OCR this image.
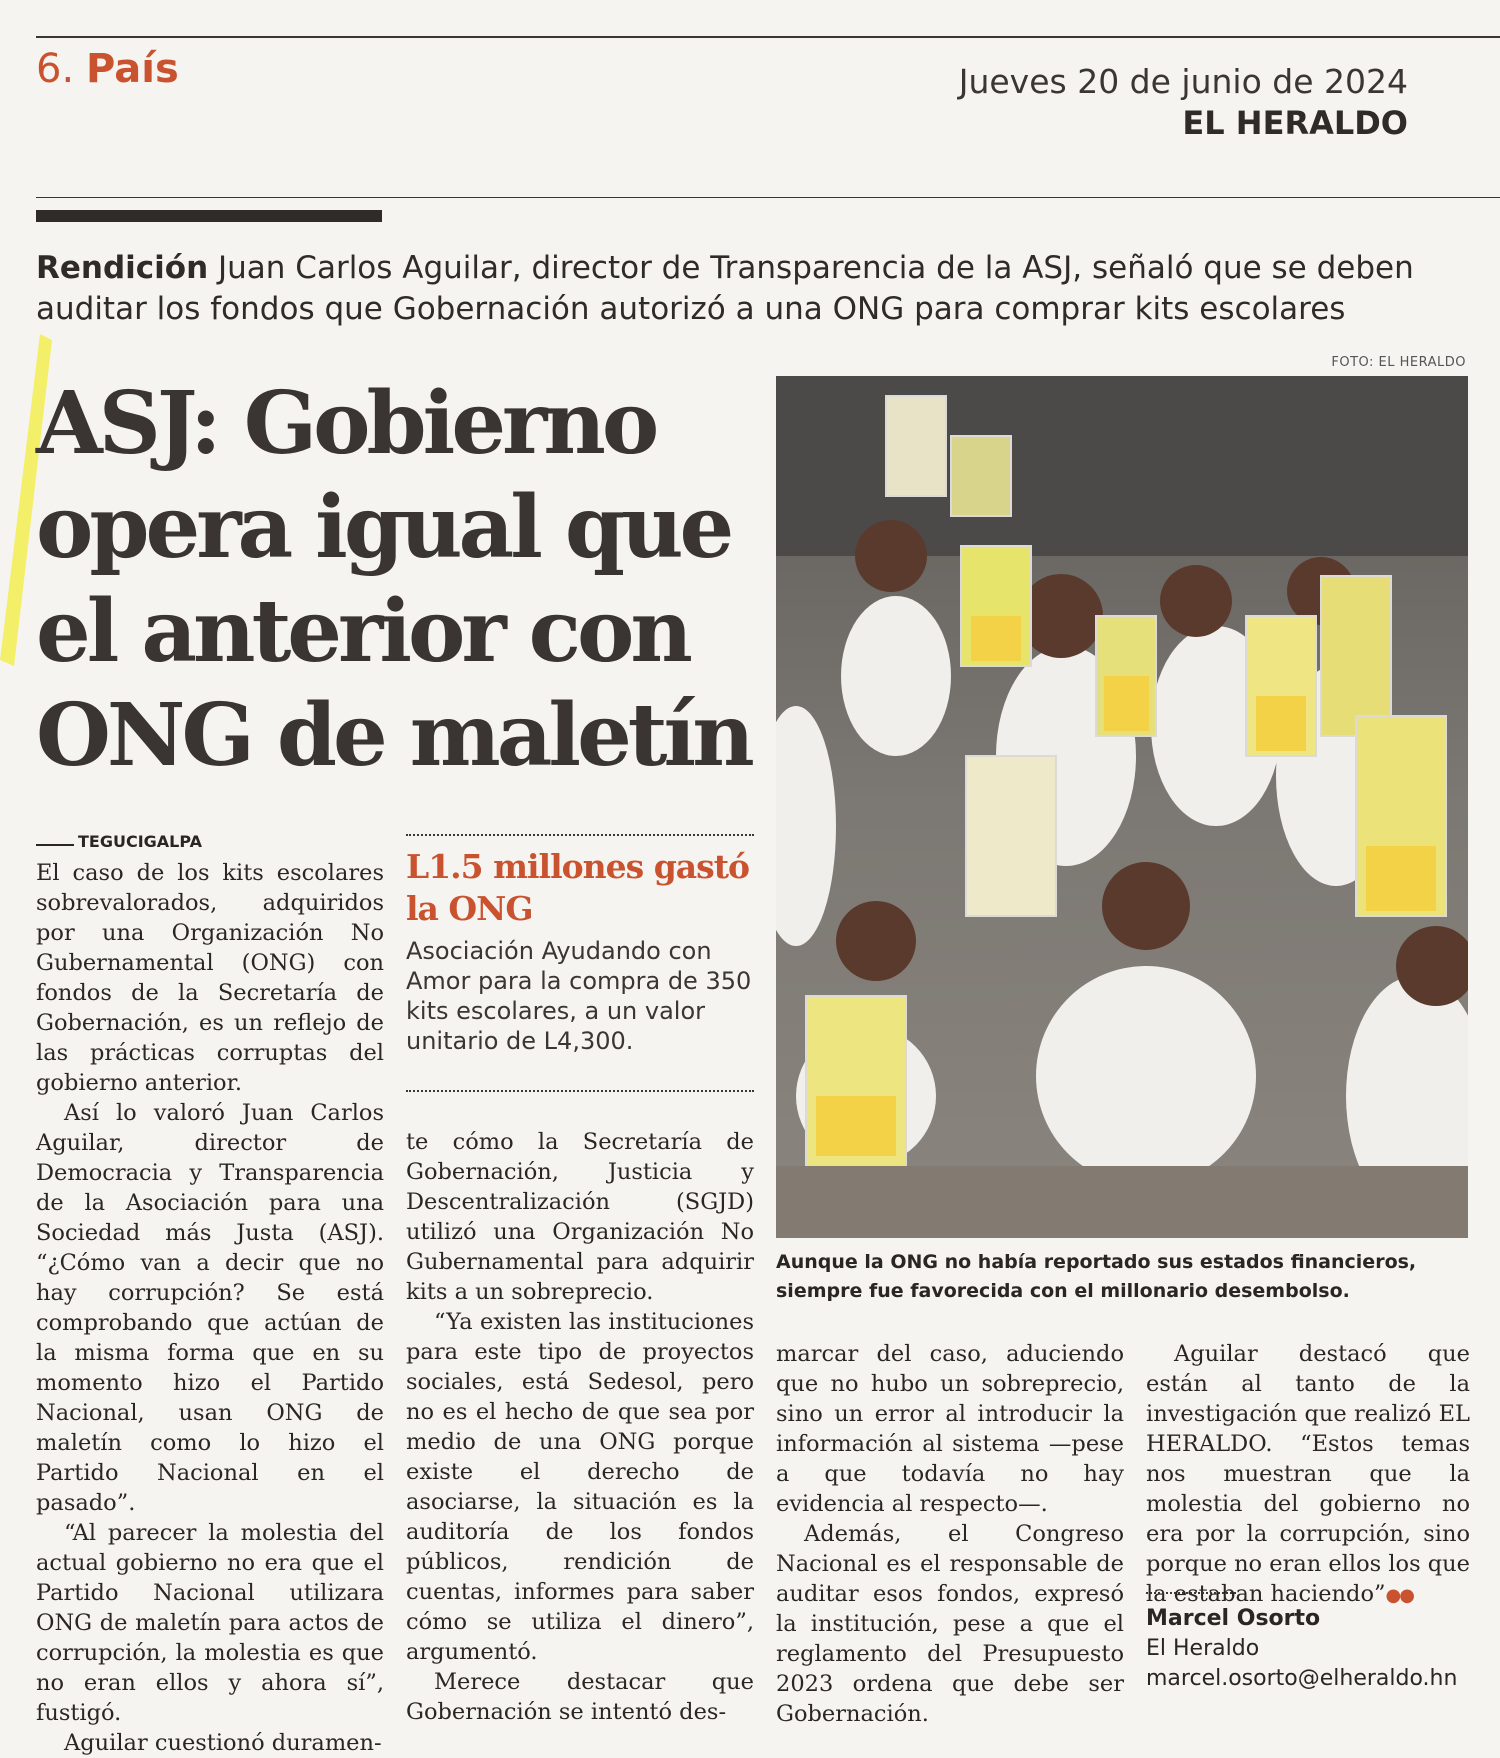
6. País	Jueves 20 de junio de 2024
EL HERALDO
Rendición Juan Carlos Aguilar, director de Transparencia de la ASJ, señaló que se deben auditar los fondos que Gobernación autorizó a una ONG para comprar kits escolares
ASJ: Gobierno
opera igual que
el anterior con
ONG de maletín
FOTO: EL HERALDO
Aunque la ONG no había reportado sus estados financieros, siempre fue favorecida con el millonario desembolso.
TEGUCIGALPA

El caso de los kits escolares sobrevalorados, adquiridos por una Organización No Gubernamental (ONG) con fondos de la Secretaría de Gobernación, es un reflejo de las prácticas corruptas del gobierno anterior.

Así lo valoró Juan Carlos Aguilar, director de Democracia y Transparencia de la Asociación para una Sociedad más Justa (ASJ). “¿Cómo van a decir que no hay corrupción? Se está comprobando que actúan de la misma forma que en su momento hizo el Partido Nacional, usan ONG de maletín como lo hizo el Partido Nacional en el pasado”.

“Al parecer la molestia del actual gobierno no era que el Partido Nacional utilizara ONG de maletín para actos de corrupción, la molestia es que no eran ellos y ahora sí”, fustigó.

Aguilar cuestionó duramen-

L1.5 millones gastó la ONG
Asociación Ayudando con Amor para la compra de 350 kits escolares, a un valor unitario de L4,300.

te cómo la Secretaría de Gobernación, Justicia y Descentralización (SGJD) utilizó una Organización No Gubernamental para adquirir kits a un sobreprecio.

“Ya existen las instituciones para este tipo de proyectos sociales, está Sedesol, pero no es el hecho de que sea por medio de una ONG porque existe el derecho de asociarse, la situación es la auditoría de los fondos públicos, rendición de cuentas, informes para saber cómo se utiliza el dinero”, argumentó.

Merece destacar que Gobernación se intentó des-

marcar del caso, aduciendo que no hubo un sobreprecio, sino un error al introducir la información al sistema —pese a que todavía no hay evidencia al respecto—.

Además, el Congreso Nacional es el responsable de auditar esos fondos, expresó la institución, pese a que el reglamento del Presupuesto 2023 ordena que debe ser Gobernación.

Aguilar destacó que están al tanto de la investigación que realizó EL HERALDO. “Estos temas nos muestran que la molestia del gobierno no era por la corrupción, sino porque no eran ellos los que la estaban haciendo”●●

Marcel Osorto
El Heraldo
marcel.osorto@elheraldo.hn
